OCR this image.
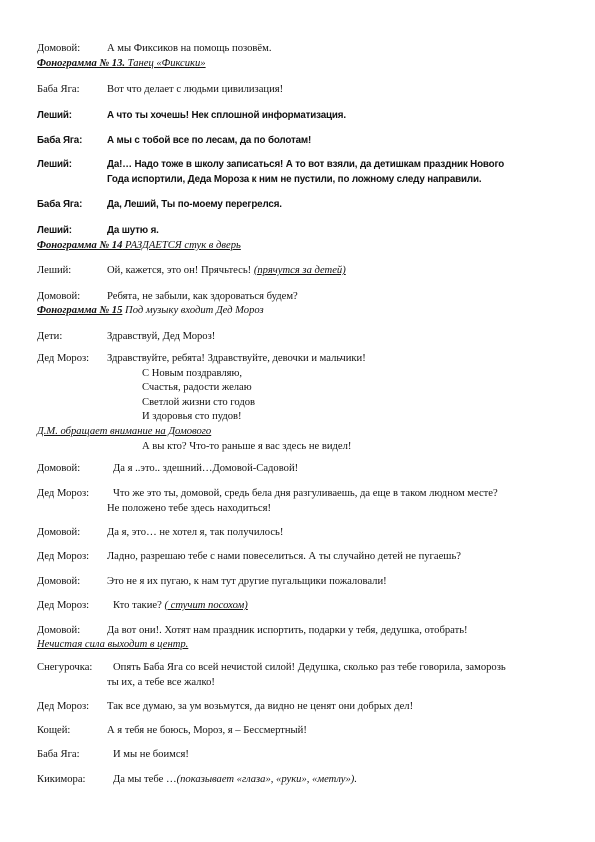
Домовой:	А мы Фиксиков на помощь позовём.
Фонограмма № 13. Танец «Фиксики»
Баба Яга:	Вот что делает с людьми цивилизация!
Леший:	А что ты хочешь! Нек сплошной информатизация.
Баба Яга:	А мы с тобой все по лесам, да по болотам!
Леший:	Да!… Надо тоже в школу записаться! А то вот взяли, да детишкам праздник Нового
Года испортили, Деда Мороза к ним не пустили, по ложному следу направили.
Баба Яга:	Да, Леший, Ты по-моему перегрелся.
Леший:	Да шутю я.
Фонограмма № 14 РАЗДАЕТСЯ стук в дверь
Леший:	Ой, кажется, это он! Прячьтесь! (прячутся за детей)
Домовой:	Ребята, не забыли, как здороваться будем?
Фонограмма № 15 Под музыку входит Дед Мороз
Дети:	Здравствуй, Дед Мороз!
Дед Мороз: Здравствуйте, ребята! Здравствуйте, девочки и мальчики!
С Новым поздравляю,
Счастья, радости желаю
Светлой жизни сто годов
И здоровья сто пудов!
Д.М. обращает внимание на Домового
А вы кто? Что-то раньше я вас здесь не видел!
Домовой:	Да я ..это.. здешний…Домовой-Садовой!
Дед Мороз: Что же это ты, домовой, средь бела дня разгуливаешь, да еще в таком людном месте?
Не положено тебе здесь находиться!
Домовой:	Да я, это… не хотел я, так получилось!
Дед Мороз: Ладно, разрешаю тебе с нами повеселиться. А ты случайно детей не пугаешь?
Домовой:	Это не я их пугаю, к нам тут другие пугальщики пожаловали!
Дед Мороз: Кто такие? ( стучит посохом)
Домовой:	Да вот они!. Хотят нам праздник испортить, подарки у тебя, дедушка, отобрать!
Нечистая сила выходит в центр.
Снегурочка: Опять Баба Яга со всей нечистой силой! Дедушка, сколько раз тебе говорила, заморозь
ты их, а тебе все жалко!
Дед Мороз: Так все думаю, за ум возьмутся, да видно не ценят они добрых дел!
Кощей:	А я тебя не боюсь, Мороз, я – Бессмертный!
Баба Яга:	И мы не боимся!
Кикимора:	Да мы тебе …(показывает «глаза», «руки», «метлу»).
